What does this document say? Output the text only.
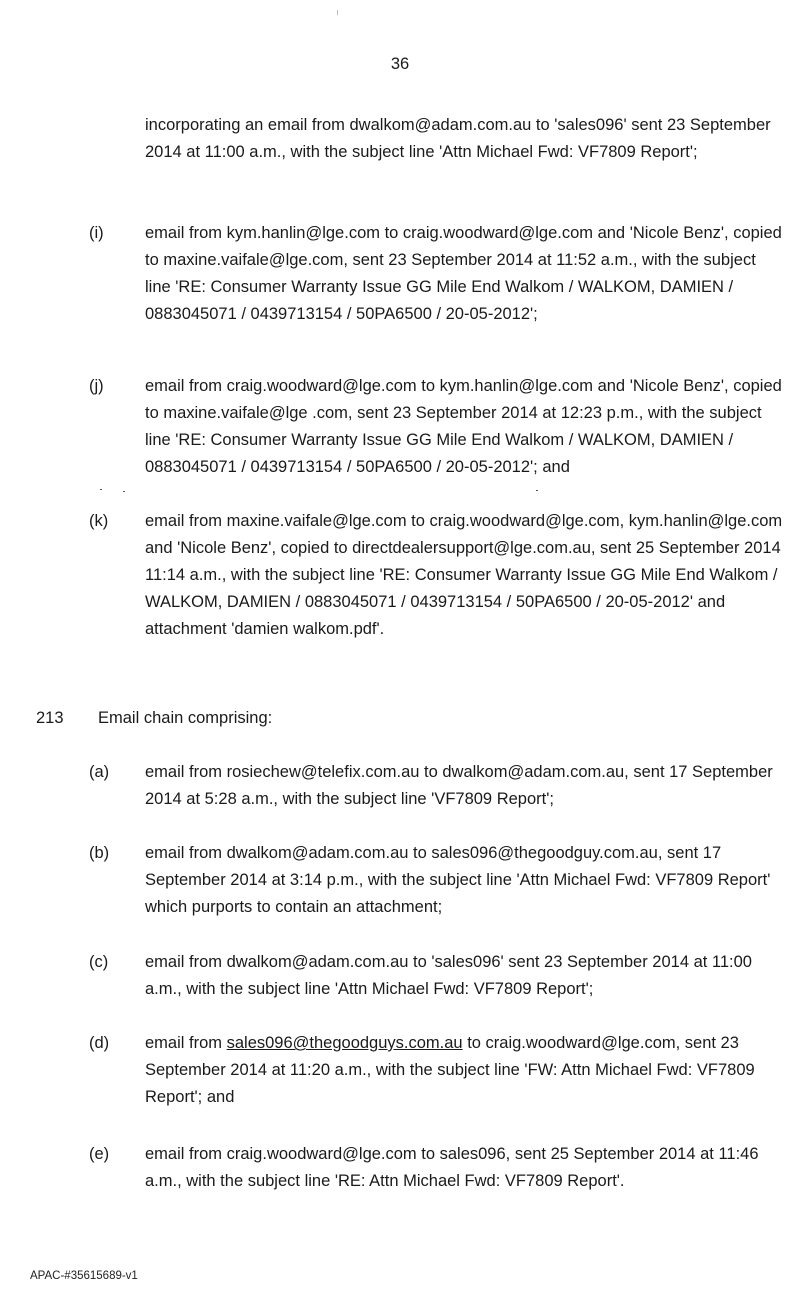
36

incorporating an email from dwalkom@adam.com.au to 'sales096' sent 23 September 2014 at 11:00 a.m., with the subject line 'Attn Michael Fwd: VF7809 Report';

(i)	email from kym.hanlin@lge.com to craig.woodward@lge.com and 'Nicole Benz', copied to maxine.vaifale@lge.com, sent 23 September 2014 at 11:52 a.m., with the subject line 'RE: Consumer Warranty Issue GG Mile End Walkom / WALKOM, DAMIEN / 0883045071 / 0439713154 / 50PA6500 / 20-05-2012';
(j)	email from craig.woodward@lge.com to kym.hanlin@lge.com and 'Nicole Benz', copied to maxine.vaifale@lge .com, sent 23 September 2014 at 12:23 p.m., with the subject line 'RE: Consumer Warranty Issue GG Mile End Walkom / WALKOM, DAMIEN / 0883045071 / 0439713154 / 50PA6500 / 20-05-2012'; and
(k) email from maxine.vaifale@lge.com to craig.woodward@lge.com, kym.hanlin@lge.com and 'Nicole Benz', copied to directdealersupport@lge.com.au, sent 25 September 2014 11:14 a.m., with the subject line 'RE: Consumer Warranty Issue GG Mile End Walkom / WALKOM, DAMIEN / 0883045071 / 0439713154 / 50PA6500 / 20-05-2012' and attachment 'damien walkom.pdf'.
213 Email chain comprising:
(a) email from rosiechew@telefix.com.au to dwalkom@adam.com.au, sent 17 September 2014 at 5:28 a.m., with the subject line 'VF7809 Report';
(b) email from dwalkom@adam.com.au to sales096@thegoodguy.com.au, sent 17 September 2014 at 3:14 p.m., with the subject line 'Attn Michael Fwd: VF7809 Report' which purports to contain an attachment;
(c) email from dwalkom@adam.com.au to 'sales096' sent 23 September 2014 at 11:00 a.m., with the subject line 'Attn Michael Fwd: VF7809 Report';
(d) email from sales096@thegoodguys.com.au to craig.woodward@lge.com, sent 23 September 2014 at 11:20 a.m., with the subject line 'FW: Attn Michael Fwd: VF7809 Report'; and
(e) email from craig.woodward@lge.com to sales096, sent 25 September 2014 at 11:46 a.m., with the subject line 'RE: Attn Michael Fwd: VF7809 Report'.
APAC-#35615689-v1
